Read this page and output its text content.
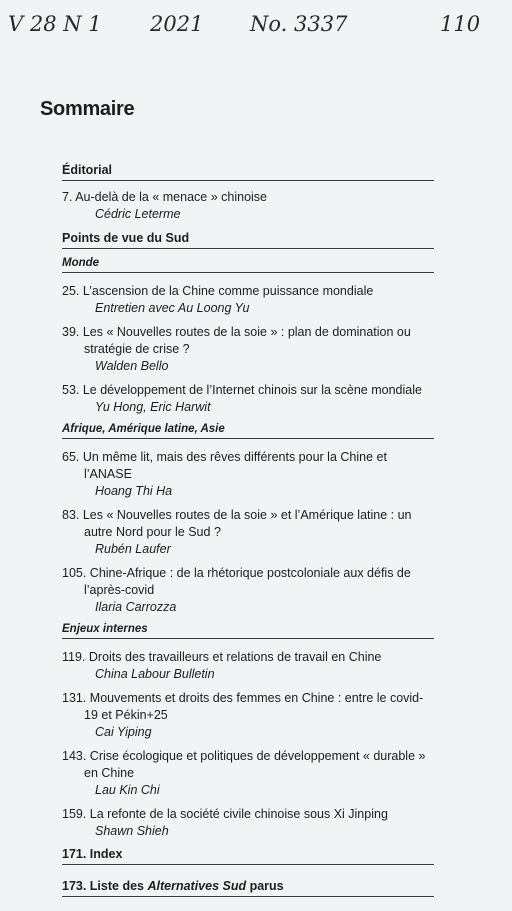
V 28 N 1 2021 No. 3337	110
Sommaire
Éditorial
7. Au-delà de la « menace » chinoise
Cédric Leterme
Points de vue du Sud
Monde
25. L’ascension de la Chine comme puissance mondiale
Entretien avec Au Loong Yu
39. Les « Nouvelles routes de la soie » : plan de domination ou stratégie de crise ?
Walden Bello
53. Le développement de l’Internet chinois sur la scène mondiale
Yu Hong, Eric Harwit
Afrique, Amérique latine, Asie
65. Un même lit, mais des rêves différents pour la Chine et l’ANASE
Hoang Thi Ha
83. Les « Nouvelles routes de la soie » et l’Amérique latine : un autre Nord pour le Sud ?
Rubén Laufer
105. Chine-Afrique : de la rhétorique postcoloniale aux défis de l’après-covid
Ilaria Carrozza
Enjeux internes
119. Droits des travailleurs et relations de travail en Chine
China Labour Bulletin
131. Mouvements et droits des femmes en Chine : entre le covid-19 et Pékin+25
Cai Yiping
143. Crise écologique et politiques de développement « durable » en Chine
Lau Kin Chi
159. La refonte de la société civile chinoise sous Xi Jinping
Shawn Shieh
171. Index
173. Liste des Alternatives Sud parus
